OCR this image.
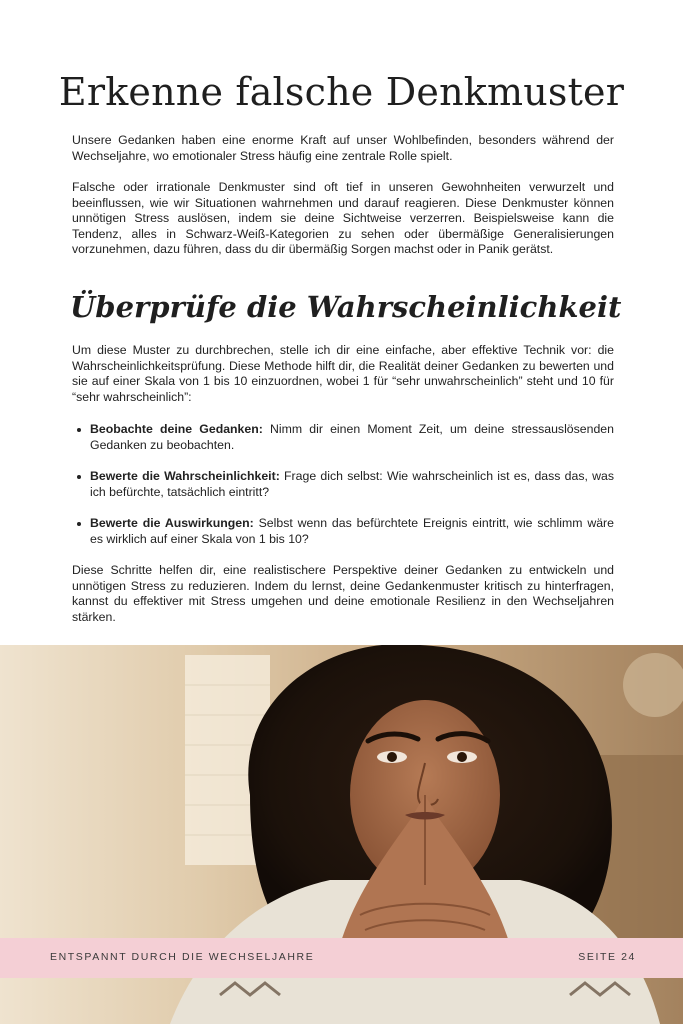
Erkenne falsche Denkmuster

Unsere Gedanken haben eine enorme Kraft auf unser Wohlbefinden, besonders während der Wechseljahre, wo emotionaler Stress häufig eine zentrale Rolle spielt.

Falsche oder irrationale Denkmuster sind oft tief in unseren Gewohnheiten verwurzelt und beeinflussen, wie wir Situationen wahrnehmen und darauf reagieren. Diese Denkmuster können unnötigen Stress auslösen, indem sie deine Sichtweise verzerren. Beispielsweise kann die Tendenz, alles in Schwarz-Weiß-Kategorien zu sehen oder übermäßige Generalisierungen vorzunehmen, dazu führen, dass du dir übermäßig Sorgen machst oder in Panik gerätst.

Überprüfe die Wahrscheinlichkeit

Um diese Muster zu durchbrechen, stelle ich dir eine einfache, aber effektive Technik vor: die Wahrscheinlichkeitsprüfung. Diese Methode hilft dir, die Realität deiner Gedanken zu bewerten und sie auf einer Skala von 1 bis 10 einzuordnen, wobei 1 für “sehr unwahrscheinlich” steht und 10 für “sehr wahrscheinlich”:

Beobachte deine Gedanken: Nimm dir einen Moment Zeit, um deine stressauslösenden Gedanken zu beobachten.
Bewerte die Wahrscheinlichkeit: Frage dich selbst: Wie wahrscheinlich ist es, dass das, was ich befürchte, tatsächlich eintritt?
Bewerte die Auswirkungen: Selbst wenn das befürchtete Ereignis eintritt, wie schlimm wäre es wirklich auf einer Skala von 1 bis 10?

Diese Schritte helfen dir, eine realistischere Perspektive deiner Gedanken zu entwickeln und unnötigen Stress zu reduzieren. Indem du lernst, deine Gedankenmuster kritisch zu hinterfragen, kannst du effektiver mit Stress umgehen und deine emotionale Resilienz in den Wechseljahren stärken.

ENTSPANNT DURCH DIE WECHSELJAHRE	SEITE 24
